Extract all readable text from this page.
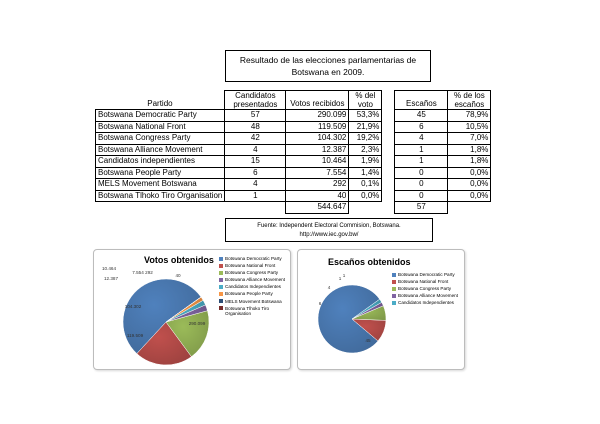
Resultado de las elecciones parlamentarias de Botswana en 2009.
Partido	Candidatos presentados	Votos recibidos	% del voto		Escaños	% de los escaños
Botswana Democratic Party	57	290.099	53,3%		45	78,9%
Botswana National Front	48	119.509	21,9%		6	10,5%
Botswana Congress Party	42	104.302	19,2%		4	7,0%
Botswana Alliance Movement	4	12.387	2,3%		1	1,8%
Candidatos independientes	15	10.464	1,9%		1	1,8%
Botswana People Party	6	7.554	1,4%		0	0,0%
MELS Movement Botswana	4	292	0,1%		0	0,0%
Botswana Tlhoko Tiro Organisation	1	40	0,0%		0	0,0%
		544.647			57	
Fuente: Independent Electoral Commision, Botswana.
http://www.iec.gov.bw/
Votos obtenidos
290.099
119.509
104.302
12.387
10.464
7.554 292
40
Botswana Democratic Party
Botswana National Front
Botswana Congress Party
Botswana Alliance Movement
Candidatos Independientes
Botswana People Party
MELS Movement Botswana
Botswana Tlhoko Tiro Organisation
Escaños obtenidos
45
6
4
1
1	Botswana Democratic Party
Botswana National Front
Botswana Congress Party
Botswana Alliance Movement
Candidatos Independientes
